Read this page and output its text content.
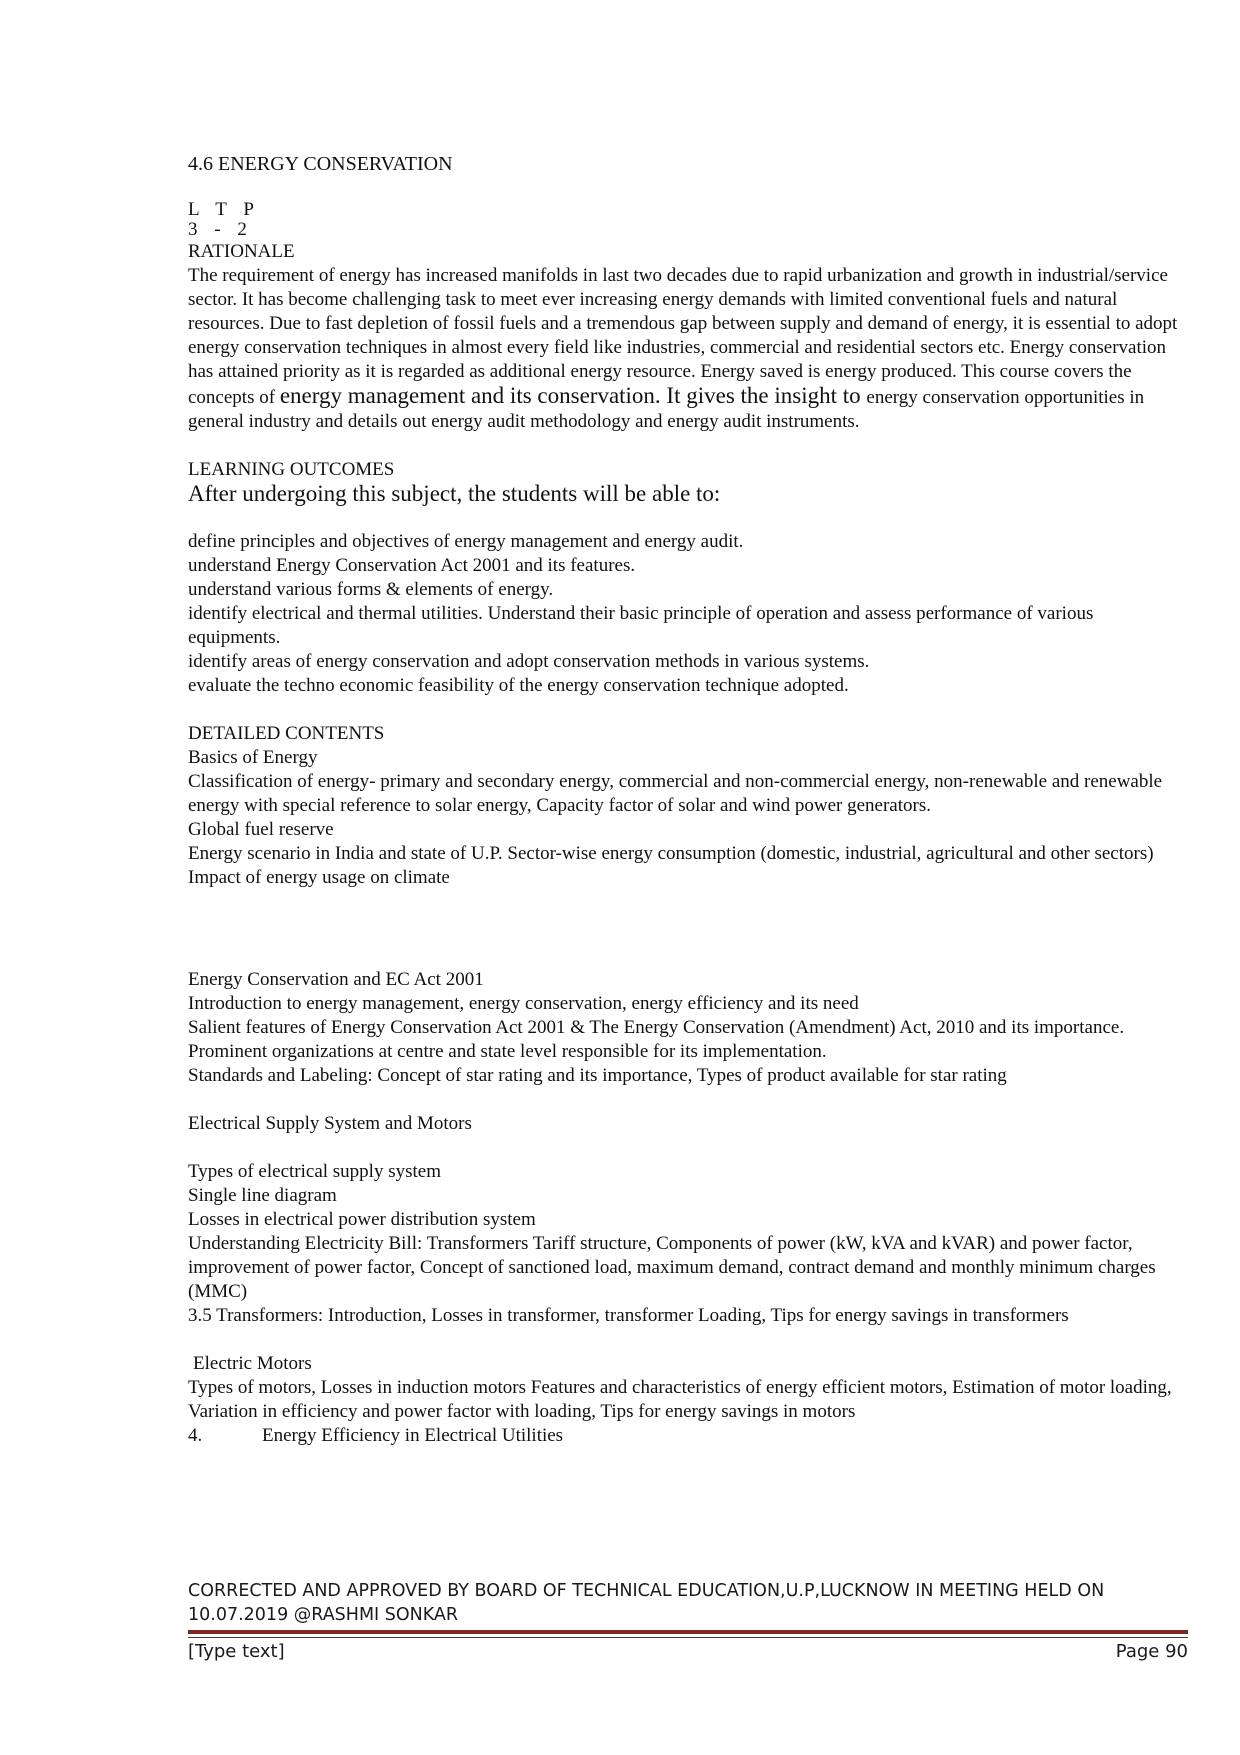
4.6 ENERGY CONSERVATION

L T P

3 - 2

RATIONALE

The requirement of energy has increased manifolds in last two decades due to rapid urbanization and growth in industrial/service sector. It has become challenging task to meet ever increasing energy demands with limited conventional fuels and natural resources. Due to fast depletion of fossil fuels and a tremendous gap between supply and demand of energy, it is essential to adopt energy conservation techniques in almost every field like industries, commercial and residential sectors etc. Energy conservation has attained priority as it is regarded as additional energy resource. Energy saved is energy produced. This course covers the concepts of energy management and its conservation. It gives the insight to energy conservation opportunities in general industry and details out energy audit methodology and energy audit instruments.

LEARNING OUTCOMES

After undergoing this subject, the students will be able to:

define principles and objectives of energy management and energy audit.

understand Energy Conservation Act 2001 and its features.

understand various forms & elements of energy.

identify electrical and thermal utilities. Understand their basic principle of operation and assess performance of various equipments.

identify areas of energy conservation and adopt conservation methods in various systems.

evaluate the techno economic feasibility of the energy conservation technique adopted.

DETAILED CONTENTS

Basics of Energy

Classification of energy- primary and secondary energy, commercial and non-commercial energy, non-renewable and renewable energy with special reference to solar energy, Capacity factor of solar and wind power generators.

Global fuel reserve

Energy scenario in India and state of U.P. Sector-wise energy consumption (domestic, industrial, agricultural and other sectors)

Impact of energy usage on climate

Energy Conservation and EC Act 2001

Introduction to energy management, energy conservation, energy efficiency and its need

Salient features of Energy Conservation Act 2001 & The Energy Conservation (Amendment) Act, 2010 and its importance. Prominent organizations at centre and state level responsible for its implementation.

Standards and Labeling: Concept of star rating and its importance, Types of product available for star rating

Electrical Supply System and Motors

Types of electrical supply system

Single line diagram

Losses in electrical power distribution system

Understanding Electricity Bill: Transformers Tariff structure, Components of power (kW, kVA and kVAR) and power factor, improvement of power factor, Concept of sanctioned load, maximum demand, contract demand and monthly minimum charges (MMC)

3.5 Transformers: Introduction, Losses in transformer, transformer Loading, Tips for energy savings in transformers

Electric Motors

Types of motors, Losses in induction motors Features and characteristics of energy efficient motors, Estimation of motor loading, Variation in efficiency and power factor with loading, Tips for energy savings in motors

4.	Energy Efficiency in Electrical Utilities

CORRECTED AND APPROVED BY BOARD OF TECHNICAL EDUCATION,U.P,LUCKNOW IN MEETING HELD ON 10.07.2019 @RASHMI SONKAR
[Type text]	Page 90
